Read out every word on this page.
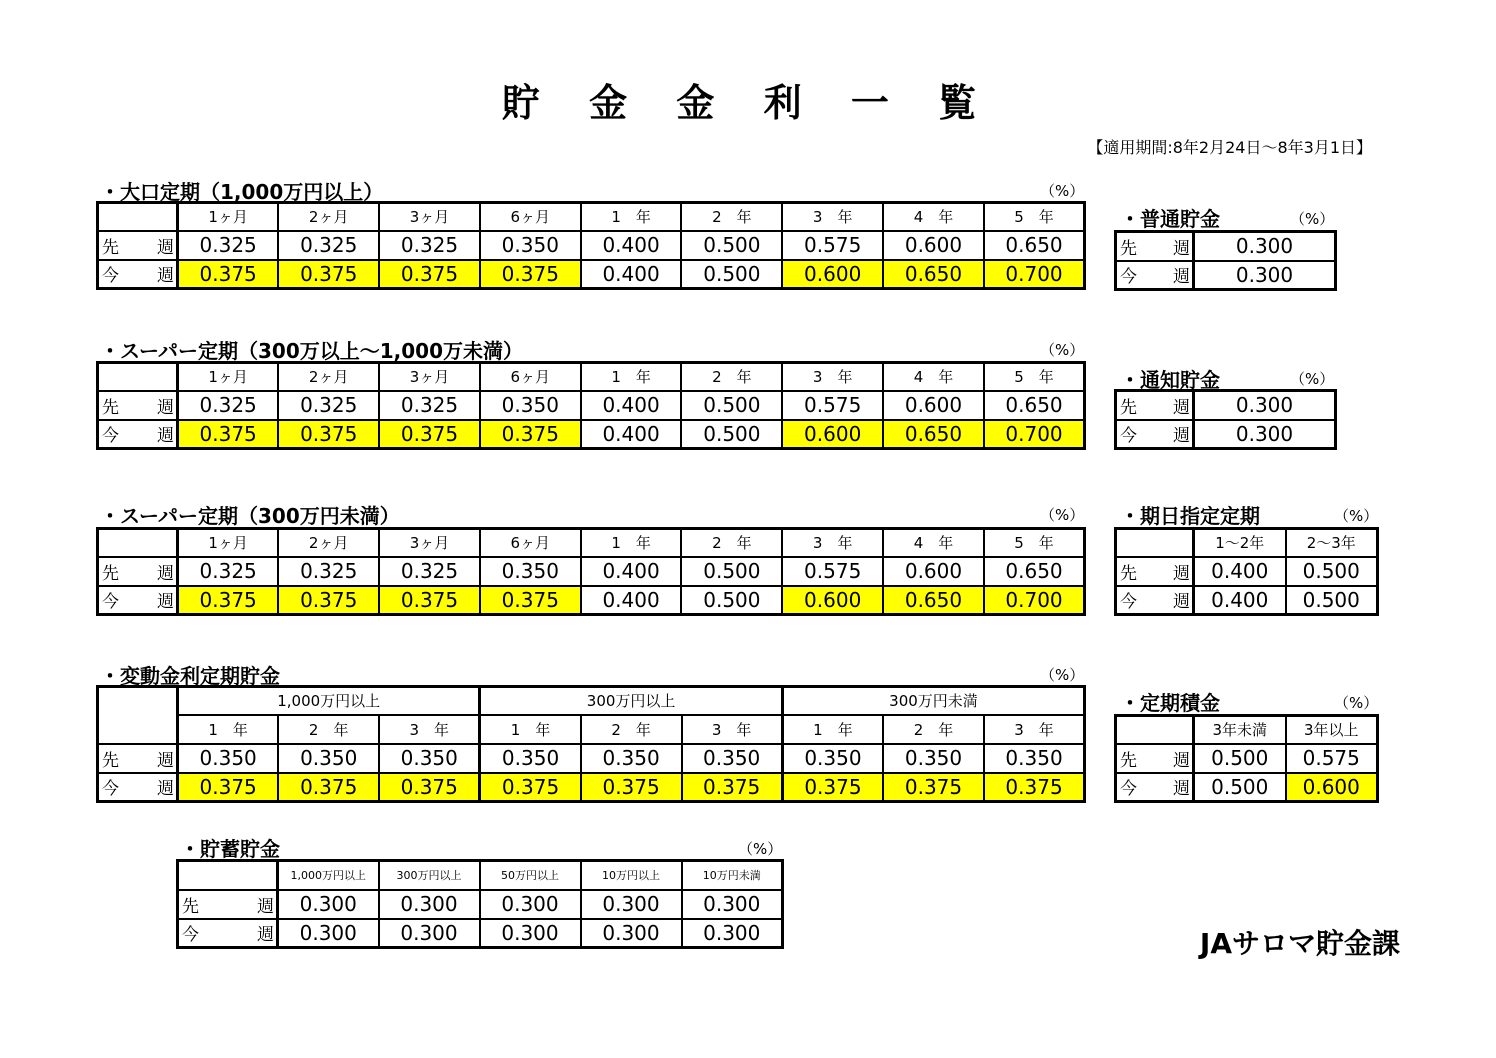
貯 金 金 利 一 覧
【適用期間:8年2月24日～8年3月1日】
・大口定期（1,000万円以上）	（%）
	1ヶ月	2ヶ月	3ヶ月	6ヶ月	1　年	2　年	3　年	4　年	5　年

先 週	0.325	0.325	0.325	0.350	0.400	0.500	0.575	0.600	0.650

今 週	0.375	0.375	0.375	0.375	0.400	0.500	0.600	0.650	0.700
・スーパー定期（300万以上～1,000万未満）	（%）
	1ヶ月	2ヶ月	3ヶ月	6ヶ月	1　年	2　年	3　年	4　年	5　年

先 週	0.325	0.325	0.325	0.350	0.400	0.500	0.575	0.600	0.650

今 週	0.375	0.375	0.375	0.375	0.400	0.500	0.600	0.650	0.700
・スーパー定期（300万円未満）	（%）
	1ヶ月	2ヶ月	3ヶ月	6ヶ月	1　年	2　年	3　年	4　年	5　年

先 週	0.325	0.325	0.325	0.350	0.400	0.500	0.575	0.600	0.650

今 週	0.375	0.375	0.375	0.375	0.400	0.500	0.600	0.650	0.700
・変動金利定期貯金	（%）
	1,000万円以上			300万円以上			300万円未満		
	1　年	2　年	3　年	1　年	2　年	3　年	1　年	2　年	3　年

先 週	0.350	0.350	0.350	0.350	0.350	0.350	0.350	0.350	0.350

今 週	0.375	0.375	0.375	0.375	0.375	0.375	0.375	0.375	0.375
・貯蓄貯金	（%）
	1,000万円以上	300万円以上	50万円以上	10万円以上	10万円未満

先 週	0.300	0.300	0.300	0.300	0.300

今 週	0.300	0.300	0.300	0.300	0.300
・普通貯金	（%）
先 週	0.300

今 週	0.300
・通知貯金	（%）
先 週	0.300

今 週	0.300
・期日指定定期	（%）
	1～2年	2～3年

先 週	0.400	0.500

今 週	0.400	0.500
・定期積金	（%）
	3年未満	3年以上

先 週	0.500	0.575

今 週	0.500	0.600
JAサロマ貯金課
